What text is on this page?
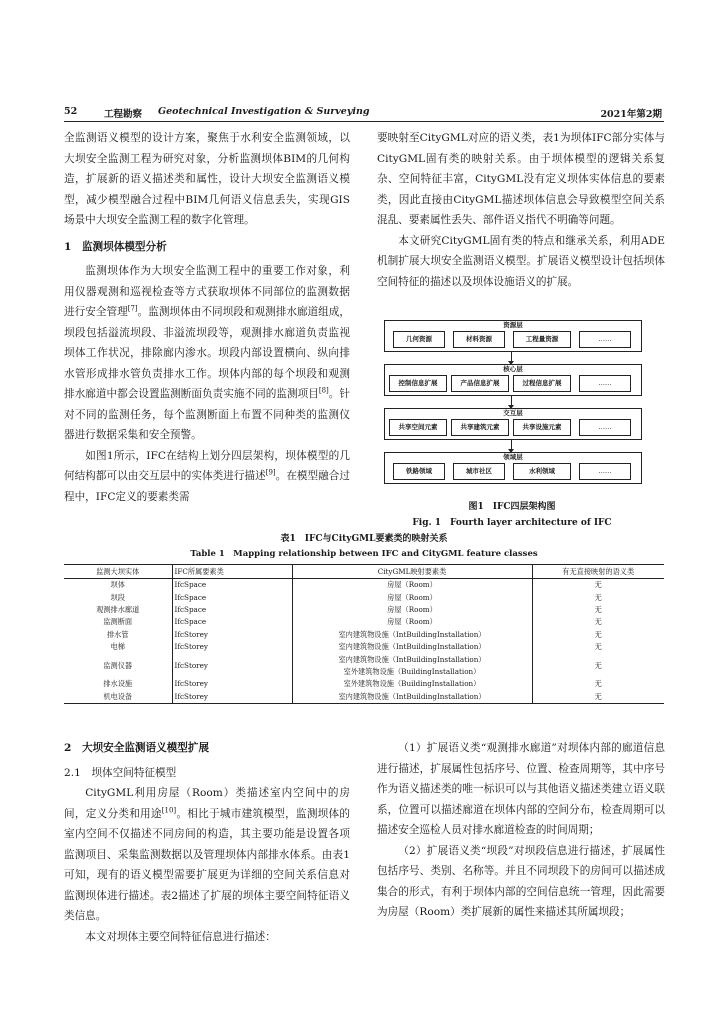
52	工程勘察 Geotechnical Investigation & Surveying	2021年第2期

全监测语义模型的设计方案，聚焦于水利安全监测领域，以大坝安全监测工程为研究对象，分析监测坝体BIM的几何构造，扩展新的语义描述类和属性，设计大坝安全监测语义模型，减少模型融合过程中BIM几何语义信息丢失，实现GIS场景中大坝安全监测工程的数字化管理。

1　监测坝体模型分析

监测坝体作为大坝安全监测工程中的重要工作对象，利用仪器观测和巡视检查等方式获取坝体不同部位的监测数据进行安全管理[7]。监测坝体由不同坝段和观测排水廊道组成，坝段包括溢流坝段、非溢流坝段等，观测排水廊道负责监视坝体工作状况，排除廊内渗水。坝段内部设置横向、纵向排水管形成排水管负责排水工作。坝体内部的每个坝段和观测排水廊道中都会设置监测断面负责实施不同的监测项目[8]。针对不同的监测任务，每个监测断面上布置不同种类的监测仪器进行数据采集和安全预警。

如图1所示，IFC在结构上划分四层架构，坝体模型的几何结构都可以由交互层中的实体类进行描述[9]。在模型融合过程中，IFC定义的要素类需

要映射至CityGML对应的语义类，表1为坝体IFC部分实体与CityGML固有类的映射关系。由于坝体模型的逻辑关系复杂、空间特征丰富，CityGML没有定义坝体实体信息的要素类，因此直接由CityGML描述坝体信息会导致模型空间关系混乱、要素属性丢失、部件语义指代不明确等问题。

本文研究CityGML固有类的特点和继承关系，利用ADE机制扩展大坝安全监测语义模型。扩展语义模型设计包括坝体空间特征的描述以及坝体设施语义的扩展。

资源层
几何资源	材料资源	工程量资源	……
核心层
控制信息扩展	产品信息扩展	过程信息扩展	……
交互层
共享空间元素	共享建筑元素	共享设施元素	……
领域层
铁路领域	城市社区	水利领域	……
图1　IFC四层架构图
Fig. 1　Fourth layer architecture of IFC
表1　IFC与CityGML要素类的映射关系
Table 1　Mapping relationship between IFC and CityGML feature classes
监测大坝实体	IFC所属要素类	CityGML映射要素类	有无直接映射的语义类
坝体	IfcSpace	房屋（Room）	无
坝段	IfcSpace	房屋（Room）	无
观测排水廊道	IfcSpace	房屋（Room）	无
监测断面	IfcSpace	房屋（Room）	无
排水管	IfcStorey	室内建筑物设施（IntBuildingInstallation）	无
电梯	IfcStorey	室内建筑物设施（IntBuildingInstallation）	无
监测仪器	IfcStorey	室内建筑物设施（IntBuildingInstallation）	无
		室外建筑物设施（BuildingInstallation）	
排水设施	IfcStorey	室外建筑物设施（BuildingInstallation）	无
机电设备	IfcStorey	室内建筑物设施（IntBuildingInstallation）	无

2　大坝安全监测语义模型扩展

2.1　坝体空间特征模型

CityGML利用房屋（Room）类描述室内空间中的房间，定义分类和用途[10]。相比于城市建筑模型，监测坝体的室内空间不仅描述不同房间的构造，其主要功能是设置各项监测项目、采集监测数据以及管理坝体内部排水体系。由表1可知，现有的语义模型需要扩展更为详细的空间关系信息对监测坝体进行描述。表2描述了扩展的坝体主要空间特征语义类信息。

本文对坝体主要空间特征信息进行描述：

（1）扩展语义类“观测排水廊道”对坝体内部的廊道信息进行描述，扩展属性包括序号、位置、检查周期等，其中序号作为语义描述类的唯一标识可以与其他语义描述类建立语义联系，位置可以描述廊道在坝体内部的空间分布，检查周期可以描述安全巡检人员对排水廊道检查的时间周期；

（2）扩展语义类“坝段”对坝段信息进行描述，扩展属性包括序号、类别、名称等。并且不同坝段下的房间可以描述成集合的形式，有利于坝体内部的空间信息统一管理，因此需要为房屋（Room）类扩展新的属性来描述其所属坝段；
